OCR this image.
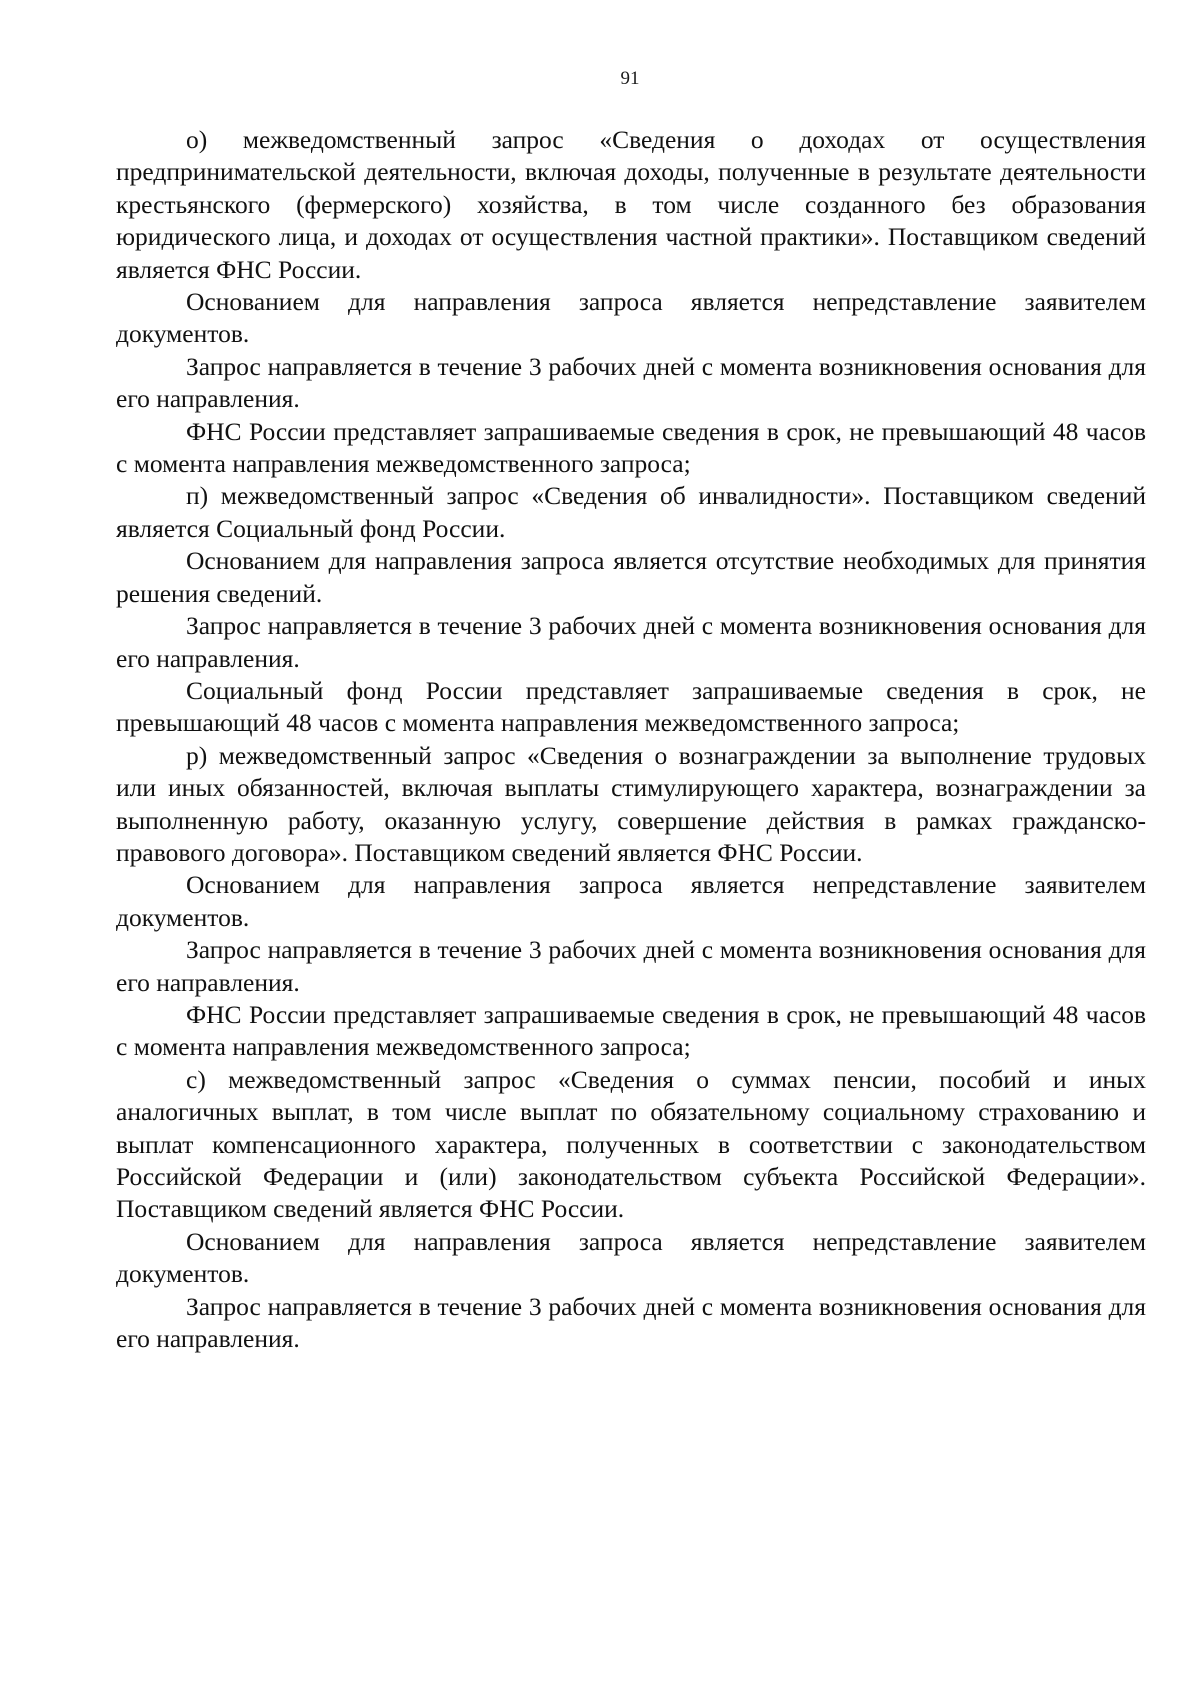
91

о) межведомственный запрос «Сведения о доходах от осуществления предпринимательской деятельности, включая доходы, полученные в результате деятельности крестьянского (фермерского) хозяйства, в том числе созданного без образования юридического лица, и доходах от осуществления частной практики». Поставщиком сведений является ФНС России.

Основанием для направления запроса является непредставление заявителем документов.

Запрос направляется в течение 3 рабочих дней с момента возникновения основания для его направления.

ФНС России представляет запрашиваемые сведения в срок, не превышающий 48 часов с момента направления межведомственного запроса;

п) межведомственный запрос «Сведения об инвалидности». Поставщиком сведений является Социальный фонд России.

Основанием для направления запроса является отсутствие необходимых для принятия решения сведений.

Запрос направляется в течение 3 рабочих дней с момента возникновения основания для его направления.

Социальный фонд России представляет запрашиваемые сведения в срок, не превышающий 48 часов с момента направления межведомственного запроса;

р) межведомственный запрос «Сведения о вознаграждении за выполнение трудовых или иных обязанностей, включая выплаты стимулирующего характера, вознаграждении за выполненную работу, оказанную услугу, совершение действия в рамках гражданско-правового договора». Поставщиком сведений является ФНС России.

Основанием для направления запроса является непредставление заявителем документов.

Запрос направляется в течение 3 рабочих дней с момента возникновения основания для его направления.

ФНС России представляет запрашиваемые сведения в срок, не превышающий 48 часов с момента направления межведомственного запроса;

с) межведомственный запрос «Сведения о суммах пенсии, пособий и иных аналогичных выплат, в том числе выплат по обязательному социальному страхованию и выплат компенсационного характера, полученных в соответствии с законодательством Российской Федерации и (или) законодательством субъекта Российской Федерации». Поставщиком сведений является ФНС России.

Основанием для направления запроса является непредставление заявителем документов.

Запрос направляется в течение 3 рабочих дней с момента возникновения основания для его направления.
